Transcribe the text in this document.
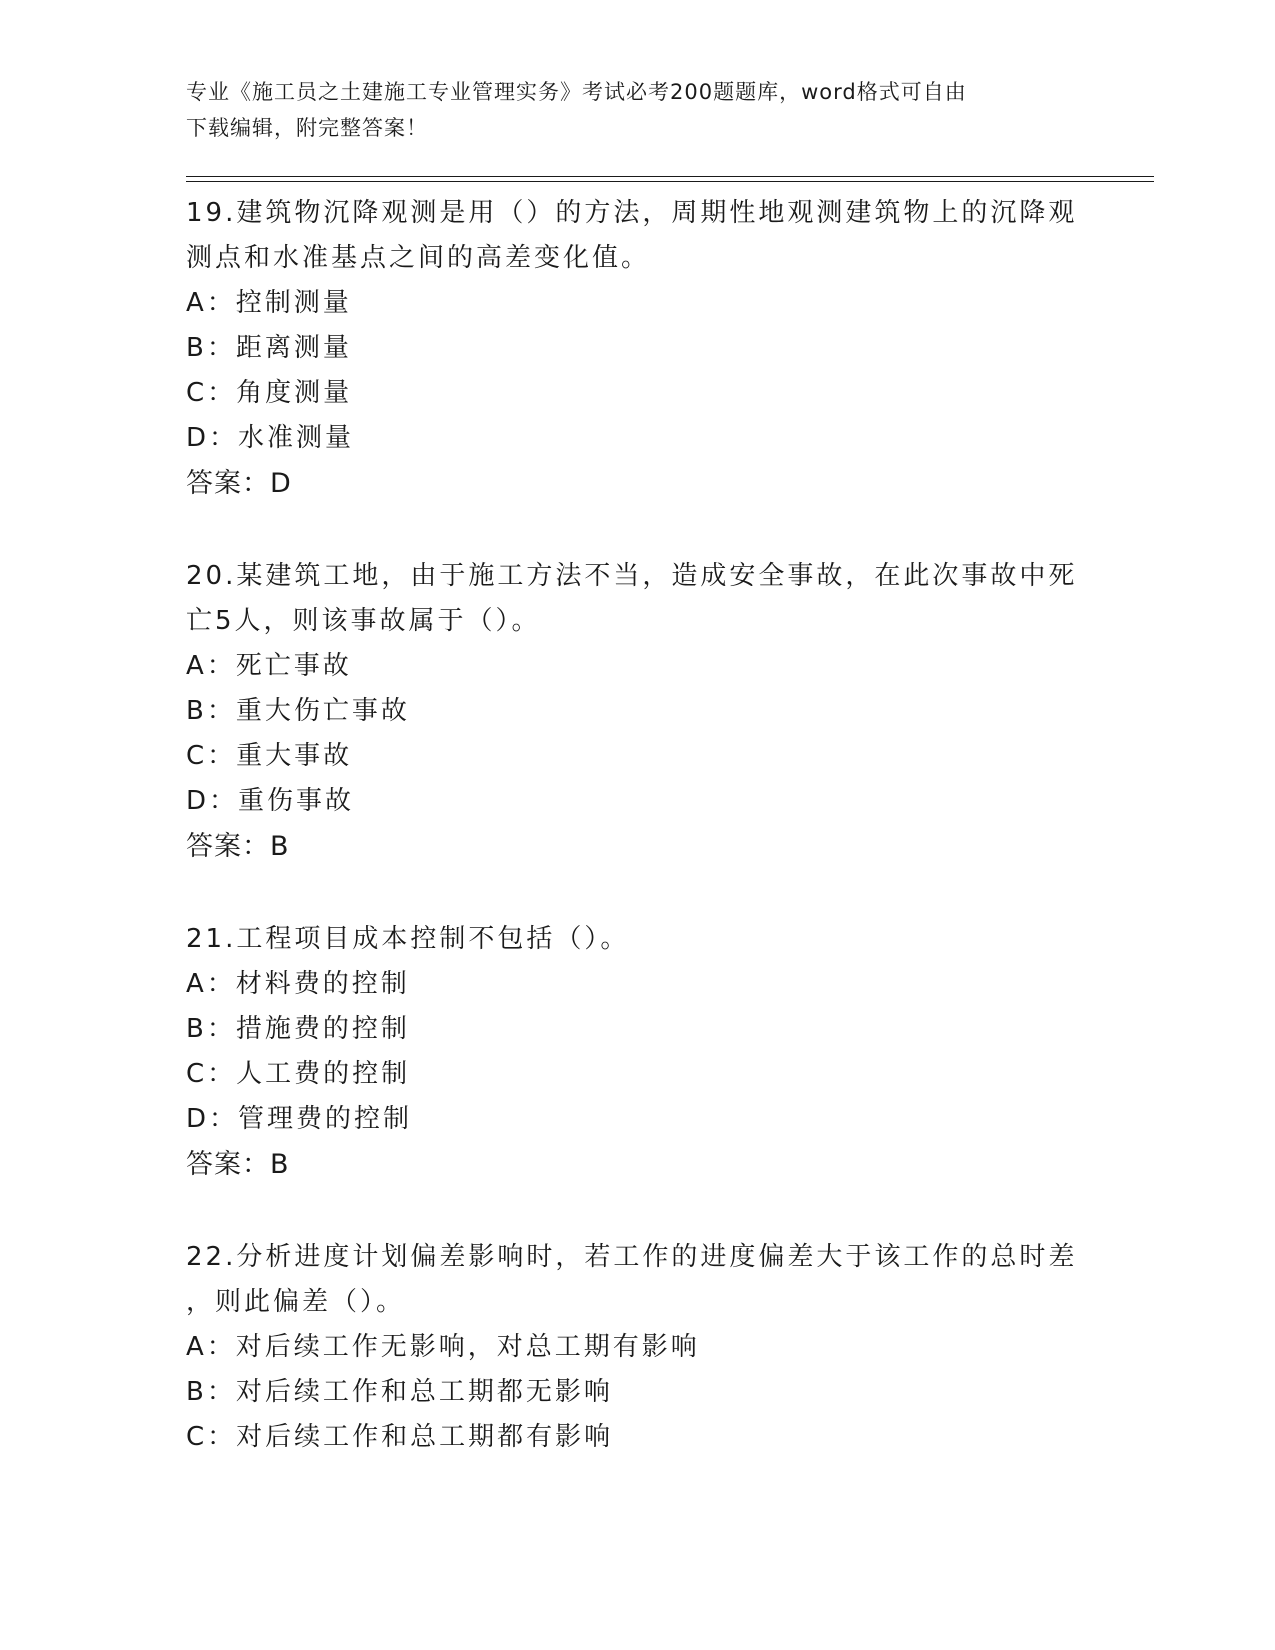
专业《施工员之土建施工专业管理实务》考试必考200题题库，word格式可自由
下载编辑，附完整答案！
19.建筑物沉降观测是用（）的方法，周期性地观测建筑物上的沉降观
测点和水准基点之间的高差变化值。
A：控制测量
B：距离测量
C：角度测量
D：水准测量
答案：D
20.某建筑工地，由于施工方法不当，造成安全事故，在此次事故中死
亡5人，则该事故属于（）。
A：死亡事故
B：重大伤亡事故
C：重大事故
D：重伤事故
答案：B
21.工程项目成本控制不包括（）。
A：材料费的控制
B：措施费的控制
C：人工费的控制
D：管理费的控制
答案：B
22.分析进度计划偏差影响时，若工作的进度偏差大于该工作的总时差
，则此偏差（）。
A：对后续工作无影响，对总工期有影响
B：对后续工作和总工期都无影响
C：对后续工作和总工期都有影响
